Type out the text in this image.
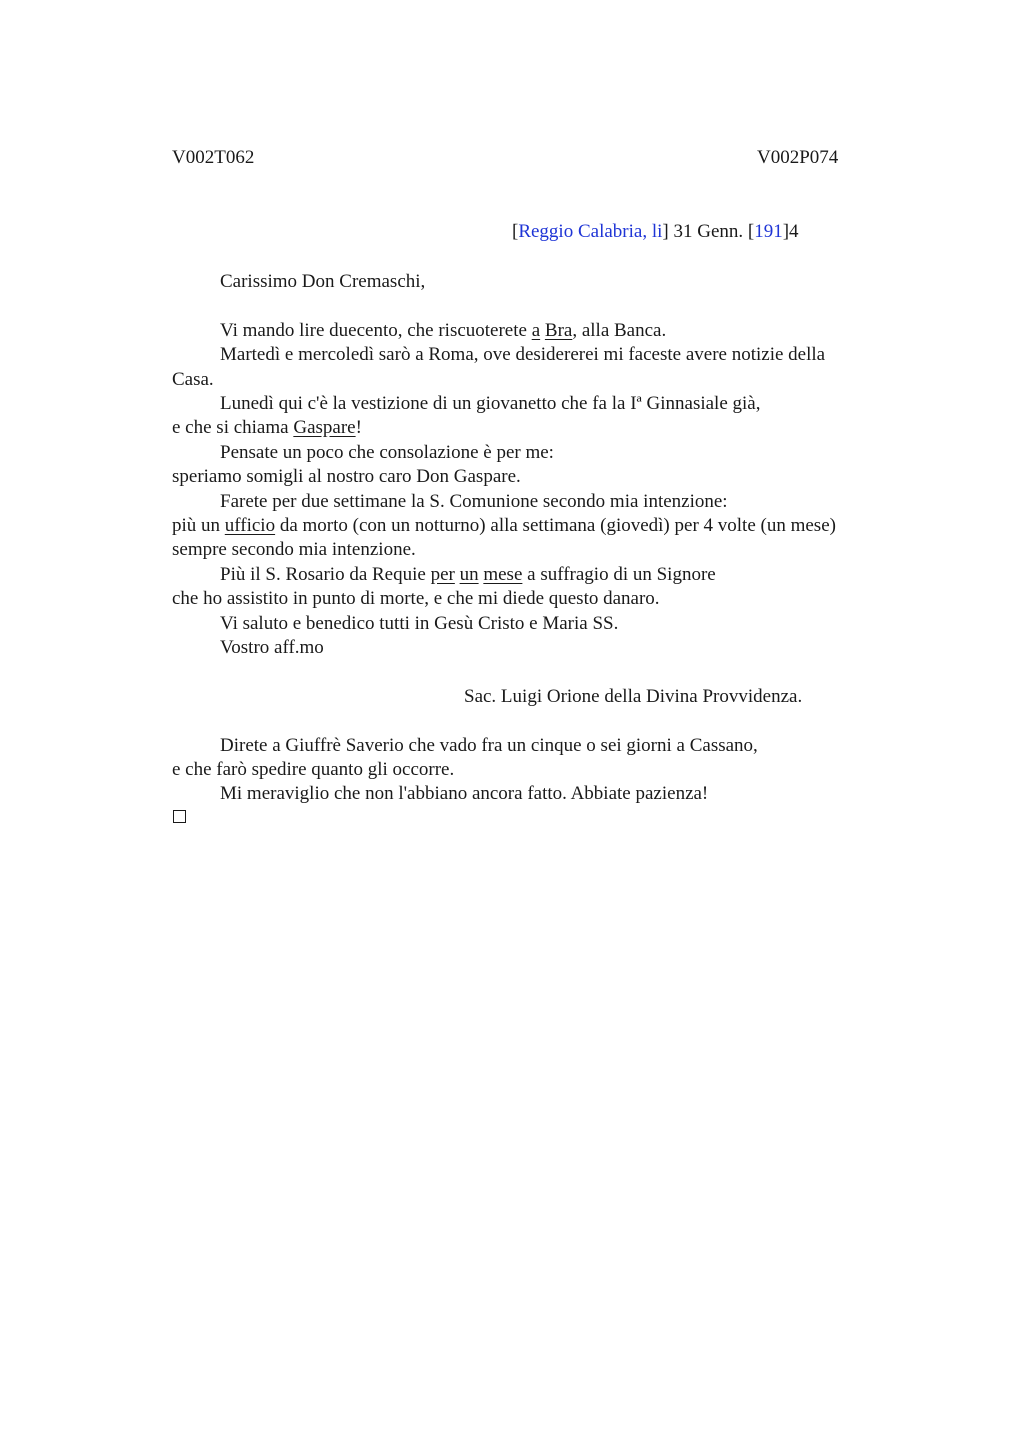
V002T062	V002P074
[Reggio Calabria, li] 31 Genn. [191]4
Carissimo Don Cremaschi,
Vi mando lire duecento, che riscuoterete a Bra, alla Banca.
Martedì e mercoledì sarò a Roma, ove desidererei mi faceste avere notizie della
Casa.
Lunedì qui c'è la vestizione di un giovanetto che fa la Iª Ginnasiale già,
e che si chiama Gaspare!
Pensate un poco che consolazione è per me:
speriamo somigli al nostro caro Don Gaspare.
Farete per due settimane la S. Comunione secondo mia intenzione:
più un ufficio da morto (con un notturno) alla settimana (giovedì) per 4 volte (un mese)
sempre secondo mia intenzione.
Più il S. Rosario da Requie per un mese a suffragio di un Signore
che ho assistito in punto di morte, e che mi diede questo danaro.
Vi saluto e benedico tutti in Gesù Cristo e Maria SS.
Vostro aff.mo
Sac. Luigi Orione della Divina Provvidenza.
Direte a Giuffrè Saverio che vado fra un cinque o sei giorni a Cassano,
e che farò spedire quanto gli occorre.
Mi meraviglio che non l'abbiano ancora fatto. Abbiate pazienza!
